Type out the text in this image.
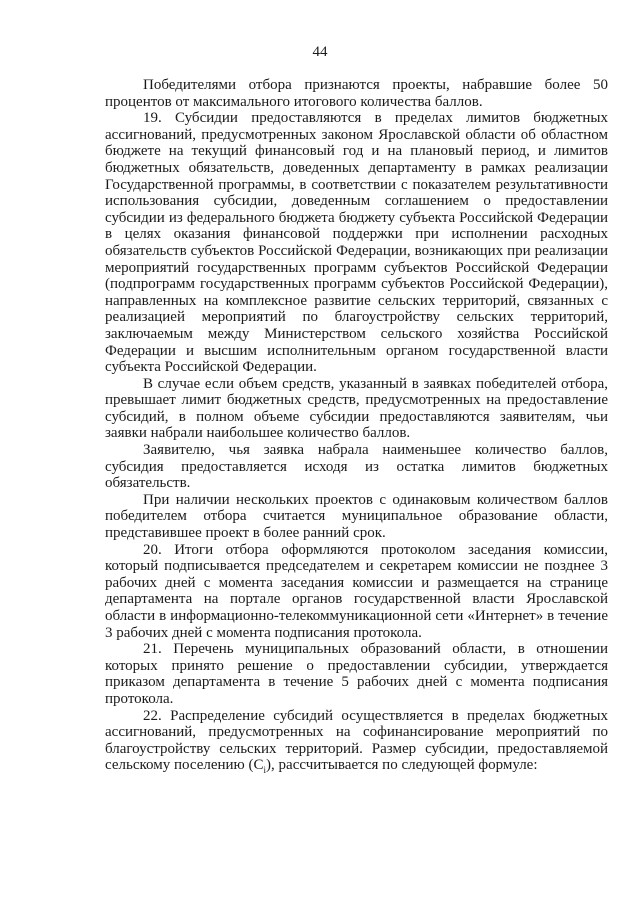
44

Победителями отбора признаются проекты, набравшие более 50 процентов от максимального итогового количества баллов.

19. Субсидии предоставляются в пределах лимитов бюджетных ассигнований, предусмотренных законом Ярославской области об областном бюджете на текущий финансовый год и на плановый период, и лимитов бюджетных обязательств, доведенных департаменту в рамках реализации Государственной программы, в соответствии с показателем результативности использования субсидии, доведенным соглашением о предоставлении субсидии из федерального бюджета бюджету субъекта Российской Федерации в целях оказания финансовой поддержки при исполнении расходных обязательств субъектов Российской Федерации, возникающих при реализации мероприятий государственных программ субъектов Российской Федерации (подпрограмм государственных программ субъектов Российской Федерации), направленных на комплексное развитие сельских территорий, связанных с реализацией мероприятий по благоустройству сельских территорий, заключаемым между Министерством сельского хозяйства Российской Федерации и высшим исполнительным органом государственной власти субъекта Российской Федерации.

В случае если объем средств, указанный в заявках победителей отбора, превышает лимит бюджетных средств, предусмотренных на предоставление субсидий, в полном объеме субсидии предоставляются заявителям, чьи заявки набрали наибольшее количество баллов.

Заявителю, чья заявка набрала наименьшее количество баллов, субсидия предоставляется исходя из остатка лимитов бюджетных обязательств.

При наличии нескольких проектов с одинаковым количеством баллов победителем отбора считается муниципальное образование области, представившее проект в более ранний срок.

20. Итоги отбора оформляются протоколом заседания комиссии, который подписывается председателем и секретарем комиссии не позднее 3 рабочих дней с момента заседания комиссии и размещается на странице департамента на портале органов государственной власти Ярославской области в информационно-телекоммуникационной сети «Интернет» в течение 3 рабочих дней с момента подписания протокола.

21. Перечень муниципальных образований области, в отношении которых принято решение о предоставлении субсидии, утверждается приказом департамента в течение 5 рабочих дней с момента подписания протокола.

22. Распределение субсидий осуществляется в пределах бюджетных ассигнований, предусмотренных на софинансирование мероприятий по благоустройству сельских территорий. Размер субсидии, предоставляемой сельскому поселению $(С_i)$, рассчитывается по следующей формуле:
